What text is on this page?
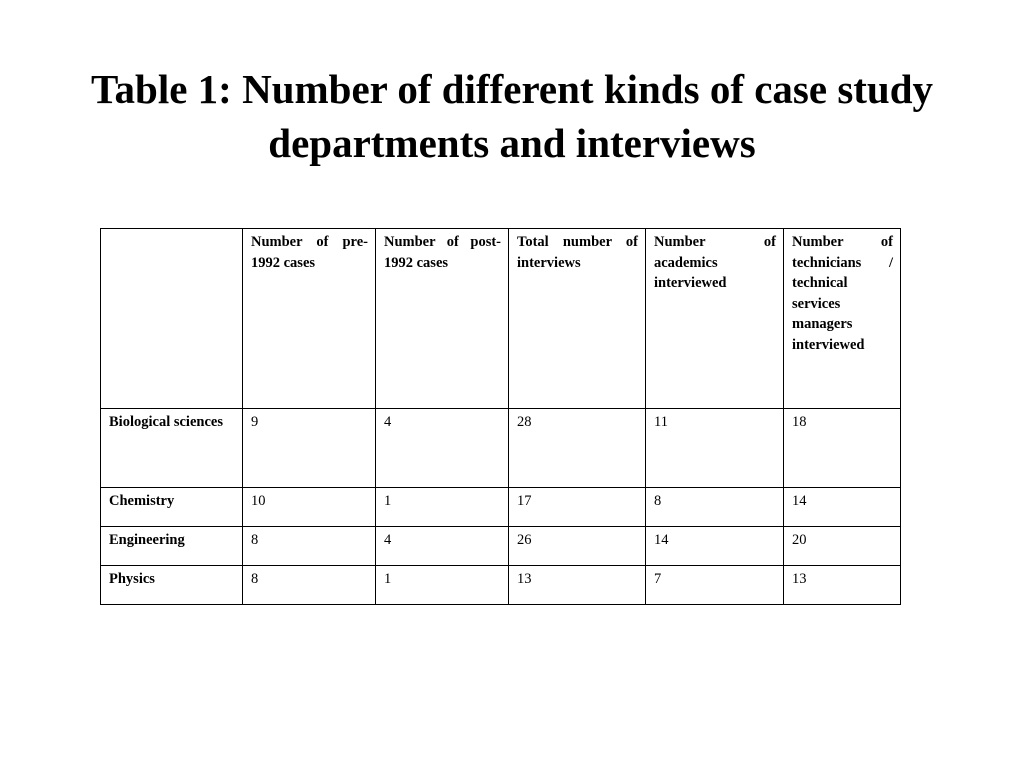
Table 1: Number of different kinds of case study
departments and interviews
	Number of pre-1992 cases	Number of post-1992 cases	Total number of interviews	Number of academics interviewed	Number of technicians / technical services managers interviewed
Biological sciences	9	4	28	11	18
Chemistry	10	1	17	8	14
Engineering	8	4	26	14	20
Physics	8	1	13	7	13
